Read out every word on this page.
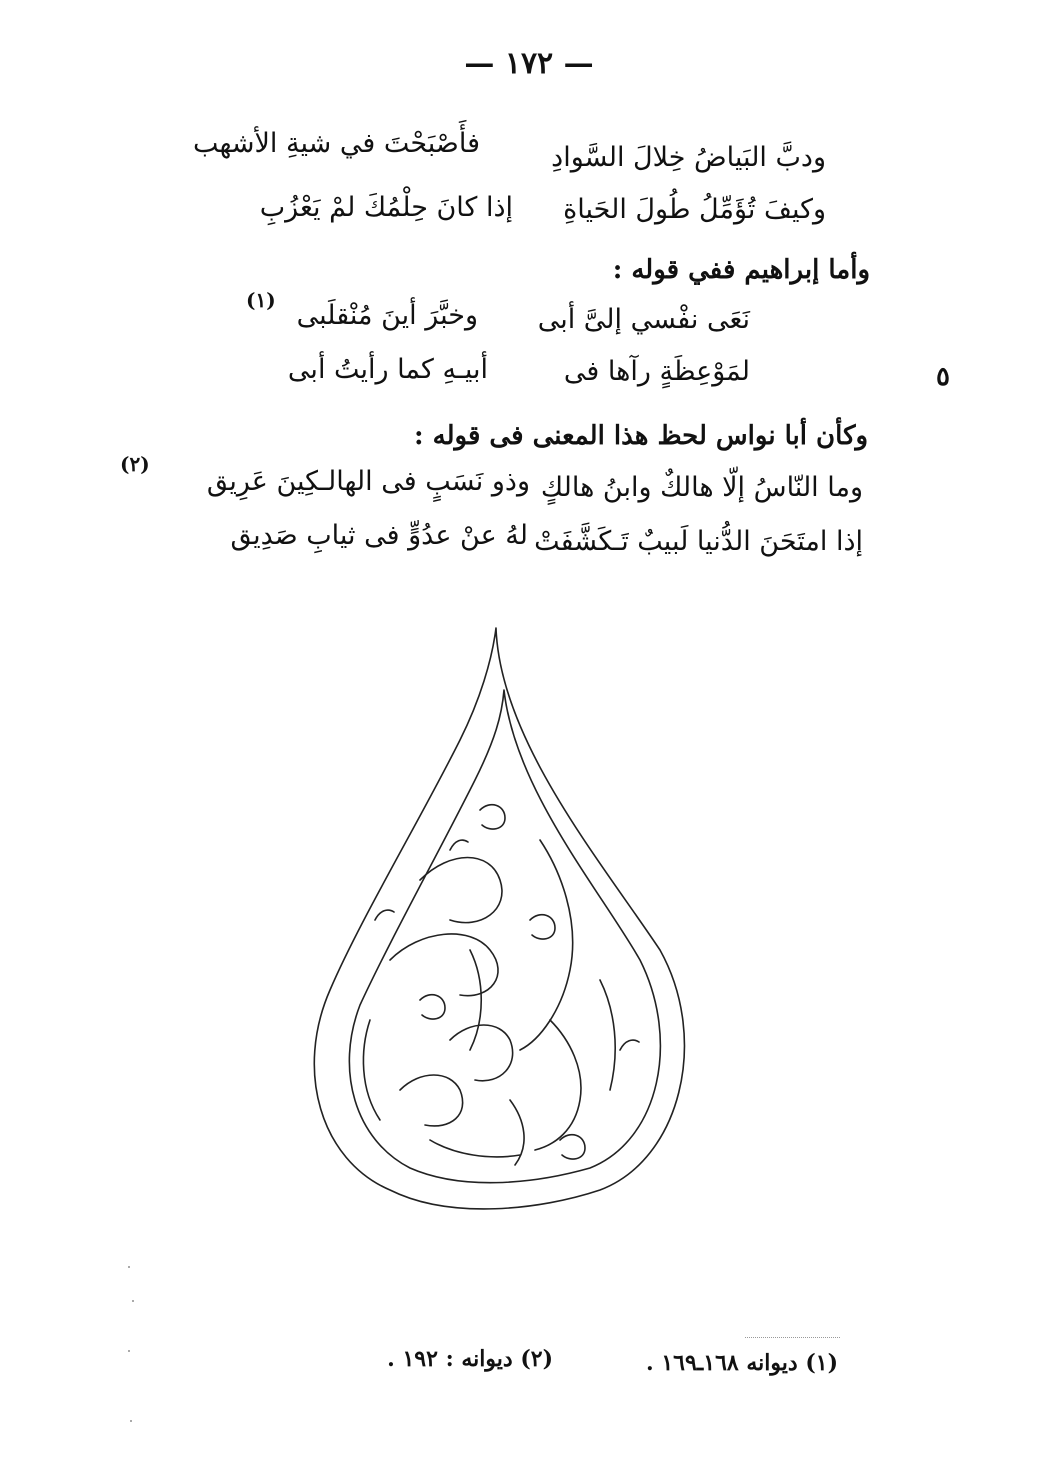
— ١٧٢ —
ودبَّ البَياضُ خِلالَ السَّوادِ
فأَصْبَحْتَ في شيةِ الأشهب
وكيفَ تُؤَمِّلُ طُولَ الحَياةِ
إذا كانَ حِلْمُكَ لمْ يَعْزُبِ
وأما إبراهيم ففي قوله :
نَعَى نفْسي إلىَّ أبى
وخبَّرَ أينَ مُنْقلَبى
(١)
لمَوْعِظَةٍ رآها فى
أبيـهِ كما رأيتُ أبى	٥
وكأن أبا نواس لحظ هذا المعنى فى قوله :
وما النّاسُ إلّا هالكٌ وابنُ هالكٍ
وذو نَسَبٍ فى الهالـكِينَ عَرِيق
(٢)
إذا امتَحَنَ الدُّنيا لَبيبٌ تَـكَشَّفَتْ
لهُ عنْ عدُوٍّ فى ثيابِ صَدِيق
(١) ديوانه ١٦٨ـ١٦٩ .
(٢) ديوانه : ١٩٢ .
